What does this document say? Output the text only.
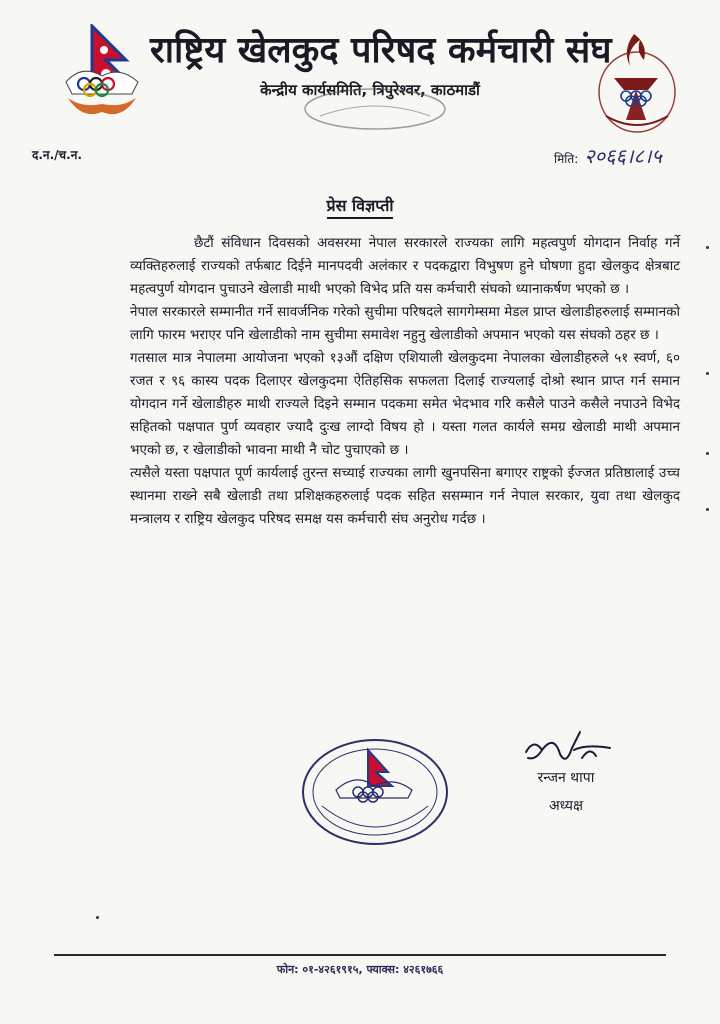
राष्ट्रिय खेलकुद परिषद कर्मचारी संघ
केन्द्रीय कार्यसमिति, त्रिपुरेश्वर, काठमाडौं
द.न./च.न.	मिति: २०६६।८।५
प्रेस विज्ञप्ती

छैटौं संविधान दिवसको अवसरमा नेपाल सरकारले राज्यका लागि महत्वपुर्ण योगदान निर्वाह गर्ने व्यक्तिहरुलाई राज्यको तर्फबाट दिईने मानपदवी अलंकार र पदकद्वारा विभुषण हुने घोषणा हुदा खेलकुद क्षेत्रबाट महत्वपुर्ण योगदान पुचाउने खेलाडी माथी भएको विभेद प्रति यस कर्मचारी संघको ध्यानाकर्षण भएको छ ।

नेपाल सरकारले सम्मानीत गर्ने सावर्जनिक गरेको सुचीमा परिषदले सागगेम्समा मेडल प्राप्त खेलाडीहरुलाई सम्मानको लागि फारम भराएर पनि खेलाडीको नाम सुचीमा समावेश नहुनु खेलाडीको अपमान भएको यस संघको ठहर छ ।

गतसाल मात्र नेपालमा आयोजना भएको १३औं दक्षिण एशियाली खेलकुदमा नेपालका खेलाडीहरुले ५१ स्वर्ण, ६० रजत र ९६ कास्य पदक दिलाएर खेलकुदमा ऐतिहसिक सफलता दिलाई राज्यलाई दोश्रो स्थान प्राप्त गर्न समान योगदान गर्ने खेलाडीहरु माथी राज्यले दिइने सम्मान पदकमा समेत भेदभाव गरि कसैले पाउने कसैले नपाउने विभेद सहितको पक्षपात पुर्ण व्यवहार ज्यादै दुःख लाग्दो विषय हो । यस्ता गलत कार्यले समग्र खेलाडी माथी अपमान भएको छ, र खेलाडीको भावना माथी नै चोट पुचाएको छ ।

त्यसैले यस्ता पक्षपात पूर्ण कार्यलाई तुरन्त सच्याई राज्यका लागी खुनपसिना बगाएर राष्ट्रको ईज्जत प्रतिष्ठालाई उच्च स्थानमा राख्ने सबै खेलाडी तथा प्रशिक्षकहरुलाई पदक सहित ससम्मान गर्न नेपाल सरकार, युवा तथा खेलकुद मन्त्रालय र राष्ट्रिय खेलकुद परिषद समक्ष यस कर्मचारी संघ अनुरोध गर्दछ ।

रन्जन थापा
अध्यक्ष
फोन: ०१-४२६१९१५, फ्याक्स: ४२६१७६६
